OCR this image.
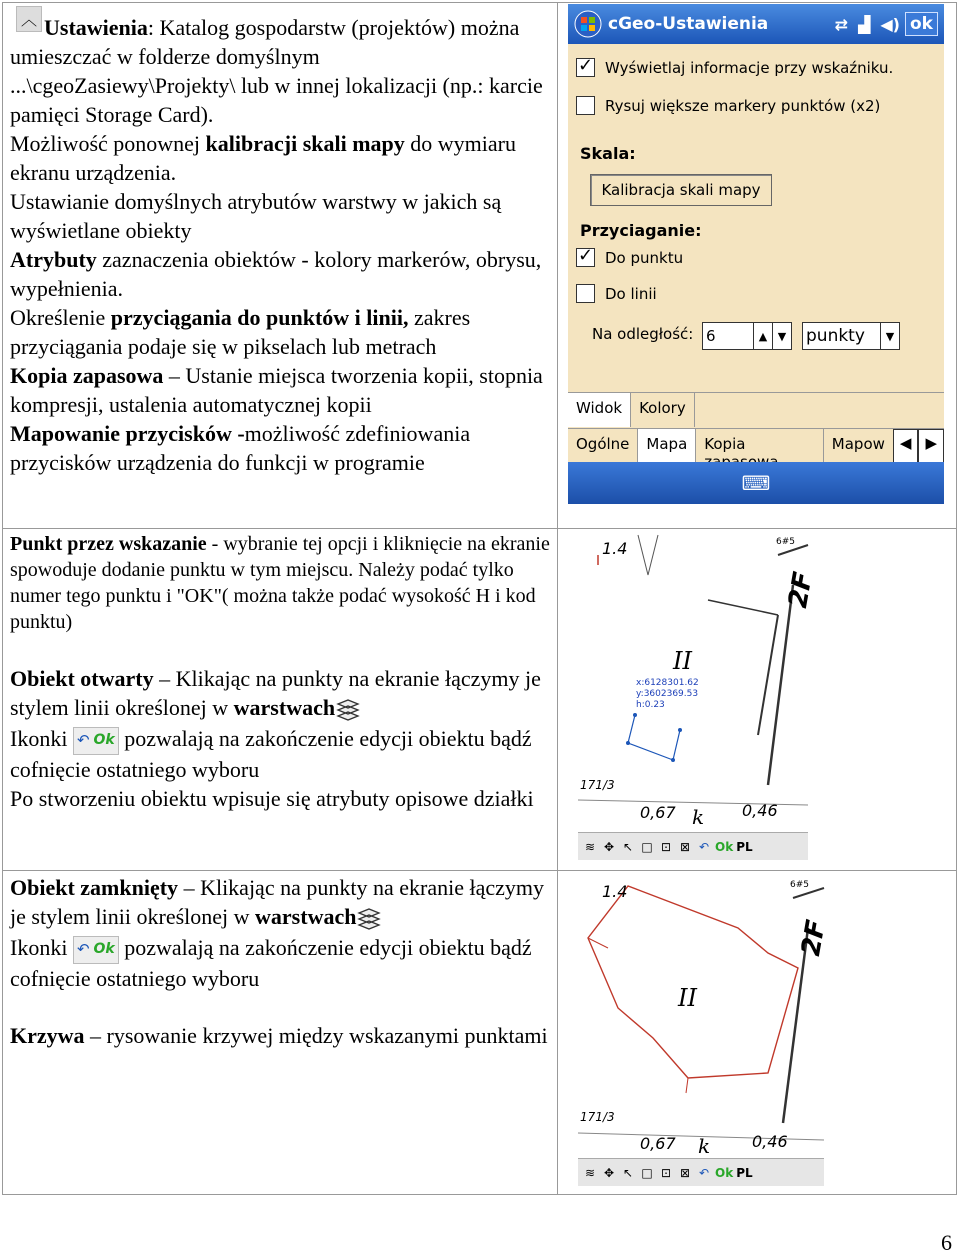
︿ Ustawienia: Katalog gospodarstw (projektów) można umieszczać w folderze domyślnym ...\cgeoZasiewy\Projekty\ lub w innej lokalizacji (np.: karcie pamięci Storage Card).

Możliwość ponownej kalibracji skali mapy do wymiaru ekranu urządzenia.

Ustawianie domyślnych atrybutów warstwy w jakich są wyświetlane obiekty

Atrybuty zaznaczenia obiektów - kolory markerów, obrysu, wypełnienia.

Określenie przyciągania do punktów i linii, zakres przyciągania podaje się w pikselach lub metrach

Kopia zapasowa – Ustanie miejsca tworzenia kopii, stopnia kompresji, ustalenia automatycznej kopii

Mapowanie przycisków -możliwość zdefiniowania przycisków urządzenia do funkcji w programie

cGeo-Ustawienia	⇄ ▟ ◀) ok
✓
Wyświetlaj informacje przy wskaźniku.
Rysuj większe markery punktów (x2)
Skala:
Kalibracja skali mapy
Przyciaganie:
✓
Do punktu
Do linii
Na odległość: 6	▲ ▼ punkty	▼
Widok	Kolory
Ogólne	Mapa	Kopia	Mapow	◀ ▶
⌨

Punkt przez wskazanie - wybranie tej opcji i kliknięcie na ekranie spowoduje dodanie punktu w tym miejscu. Należy podać tylko numer tego punktu i "OK"( można także podać wysokość H i kod punktu)

Obiekt otwarty – Klikając na punkty na ekranie łączymy je stylem linii określonej w warstwach

Ikonki ↶ Ok pozwalają na zakończenie edycji obiektu bądź cofnięcie ostatniego wyboru

Po stworzeniu obiektu wpisuje się atrybuty opisowe działki

1.4
2F
II
171/3
0,67 k 0,46
6#5
x:6128301.62
y:3602369.53
h:0.23
≋ ✥ ↖ □ ⊡ ⊠ ↶ Ok PL

Obiekt zamknięty – Klikając na punkty na ekranie łączymy je stylem linii określonej w warstwach

Ikonki ↶ Ok pozwalają na zakończenie edycji obiektu bądź cofnięcie ostatniego wyboru

Krzywa – rysowanie krzywej między wskazanymi punktami

1.4
2F
II
171/3
0,67 k	0,46
6#5
≋ ✥ ↖ □ ⊡ ⊠ ↶ Ok PL
6
